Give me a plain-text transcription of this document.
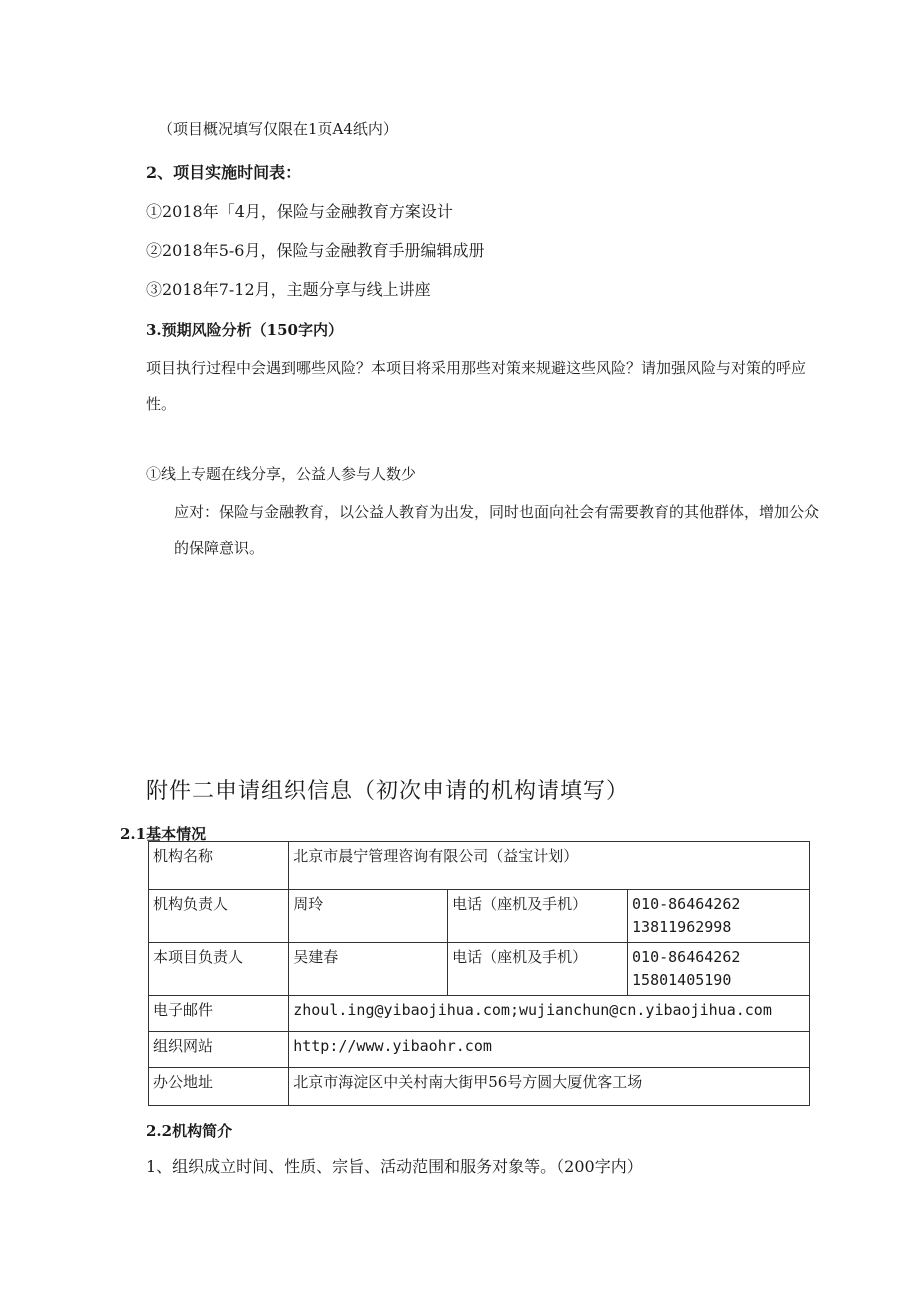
（项目概况填写仅限在1页A4纸内）
2、项目实施时间表：
①2018年「4月，保险与金融教育方案设计
②2018年5-6月，保险与金融教育手册编辑成册
③2018年7-12月，主题分享与线上讲座
3.预期风险分析（150字内）
项目执行过程中会遇到哪些风险？本项目将采用那些对策来规避这些风险？请加强风险与对策的呼应
性。
①线上专题在线分享，公益人参与人数少
应对：保险与金融教育，以公益人教育为出发，同时也面向社会有需要教育的其他群体，增加公众
的保障意识。
附件二申请组织信息（初次申请的机构请填写）
2.1基本情况
机构名称	北京市晨宁管理咨询有限公司（益宝计划）		
机构负责人	周玲	电话（座机及手机）	010-86464262
13811962998

本项目负责人	吴建春	电话（座机及手机）	010-86464262
15801405190

电子邮件	zhoul.ing@yibaojihua.com;wujianchun@cn.yibaojihua.com		
组织网站	http://www.yibaohr.com		
办公地址	北京市海淀区中关村南大街甲56号方圆大厦优客工场		
2.2机构简介
1、组织成立时间、性质、宗旨、活动范围和服务对象等。（200字内）
